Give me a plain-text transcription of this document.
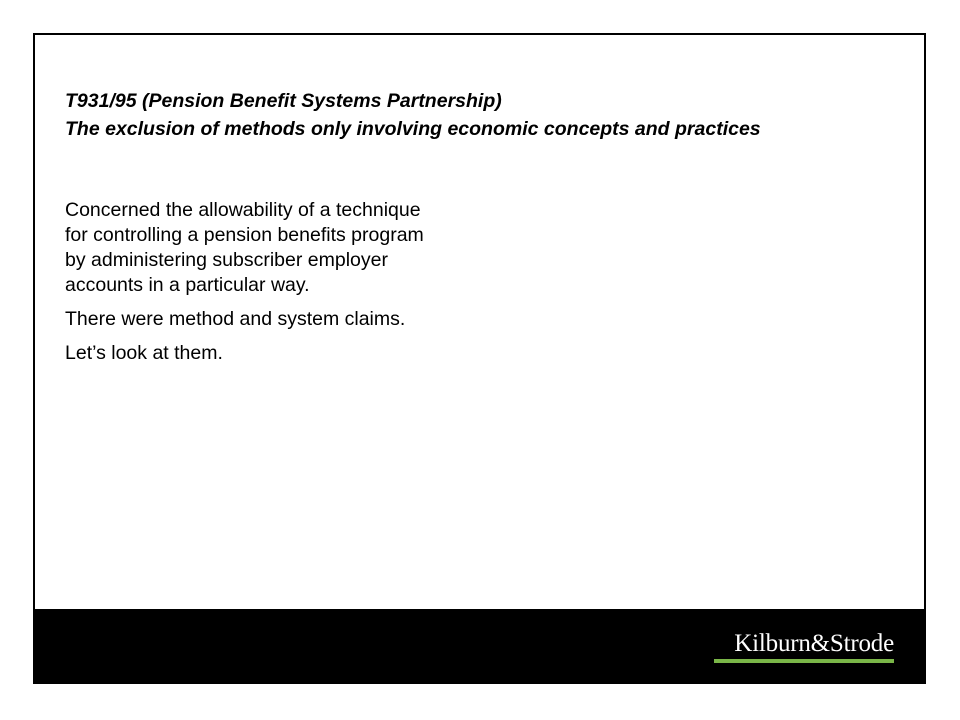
T931/95 (Pension Benefit Systems Partnership)
The exclusion of methods only involving economic concepts and practices

Concerned the allowability of a technique for controlling a pension benefits program by administering subscriber employer accounts in a particular way.

There were method and system claims.

Let’s look at them.

Kilburn&Strode
